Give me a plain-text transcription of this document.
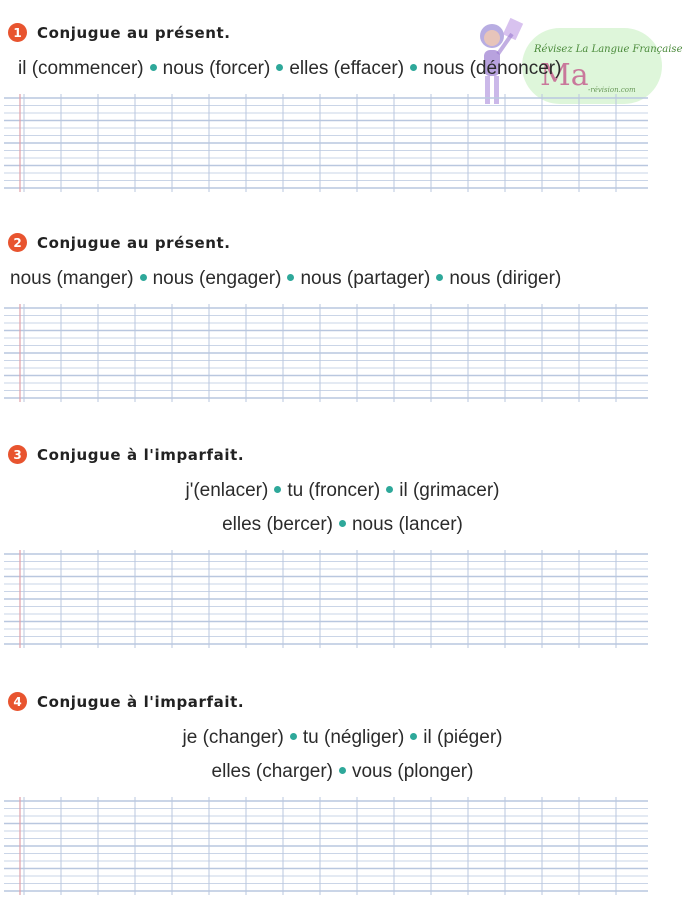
Révisez La Langue Française
Ma -révision.com
1	Conjugue au présent.
il (commencer) nous (forcer) elles (effacer) nous (dénoncer)
2	Conjugue au présent.
nous (manger) nous (engager) nous (partager) nous (diriger)
3	Conjugue à l'imparfait.
j'(enlacer) tu (froncer) il (grimacer)
elles (bercer) nous (lancer)
4	Conjugue à l'imparfait.
je (changer) tu (négliger) il (piéger)
elles (charger) vous (plonger)
